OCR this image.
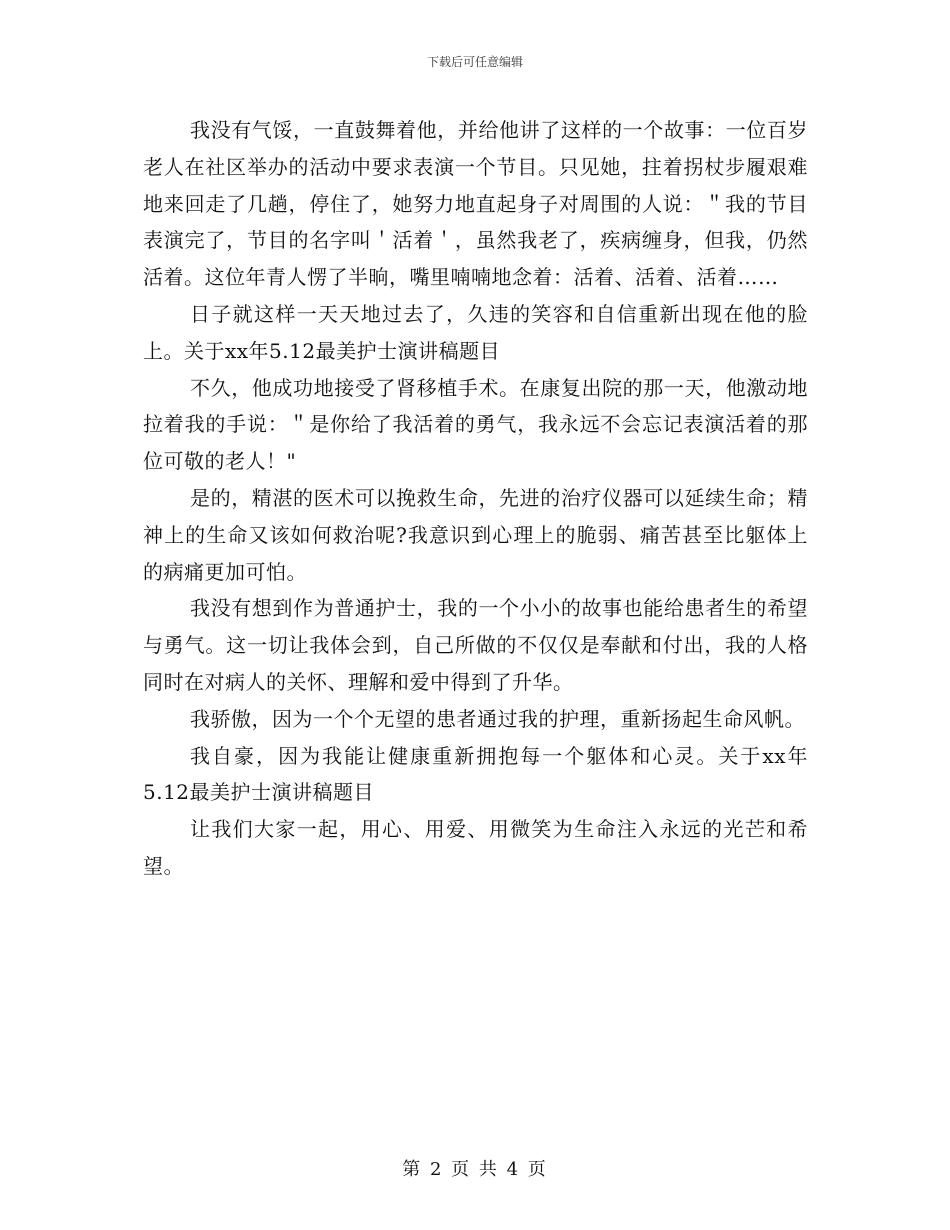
下载后可任意编辑

我没有气馁，一直鼓舞着他，并给他讲了这样的一个故事：一位百岁老人在社区举办的活动中要求表演一个节目。只见她，拄着拐杖步履艰难地来回走了几趟，停住了，她努力地直起身子对周围的人说：＂我的节目表演完了，节目的名字叫＇活着＇，虽然我老了，疾病缠身，但我，仍然活着。这位年青人愣了半晌，嘴里喃喃地念着：活着、活着、活着……

日子就这样一天天地过去了，久违的笑容和自信重新出现在他的脸上。关于xx年5.12最美护士演讲稿题目

不久，他成功地接受了肾移植手术。在康复出院的那一天，他激动地拉着我的手说：＂是你给了我活着的勇气，我永远不会忘记表演活着的那位可敬的老人！"

是的，精湛的医术可以挽救生命，先进的治疗仪器可以延续生命；精神上的生命又该如何救治呢?我意识到心理上的脆弱、痛苦甚至比躯体上的病痛更加可怕。

我没有想到作为普通护士，我的一个小小的故事也能给患者生的希望与勇气。这一切让我体会到，自己所做的不仅仅是奉献和付出，我的人格同时在对病人的关怀、理解和爱中得到了升华。

我骄傲，因为一个个无望的患者通过我的护理，重新扬起生命风帆。

我自豪，因为我能让健康重新拥抱每一个躯体和心灵。关于xx年5.12最美护士演讲稿题目

让我们大家一起，用心、用爱、用微笑为生命注入永远的光芒和希望。

第 2 页 共 4 页
